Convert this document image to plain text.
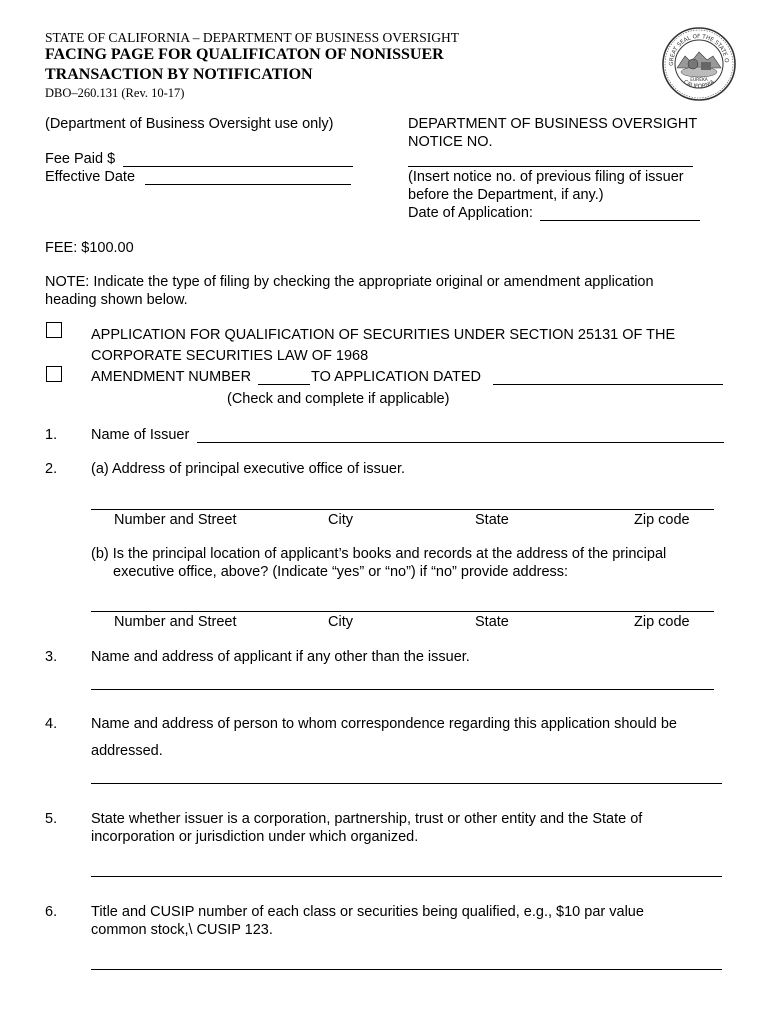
STATE OF CALIFORNIA – DEPARTMENT OF BUSINESS OVERSIGHT
FACING PAGE FOR QUALIFICATON OF NONISSUER
TRANSACTION BY NOTIFICATION
DBO–260.131 (Rev. 10-17)
GREAT SEAL OF THE STATE O
CALIFORNIA
EUREKA
(Department of Business Oversight use only)
Fee Paid $
Effective Date
DEPARTMENT OF BUSINESS OVERSIGHT
NOTICE NO.
(Insert notice no. of previous filing of issuer
before the Department, if any.)
Date of Application:
FEE: $100.00
NOTE: Indicate the type of filing by checking the appropriate original or amendment application
heading shown below.
APPLICATION FOR QUALIFICATION OF SECURITIES UNDER SECTION 25131 OF THE
CORPORATE SECURITIES LAW OF 1968
AMENDMENT NUMBER	TO APPLICATION DATED
(Check and complete if applicable)
1. Name of Issuer
2. (a) Address of principal executive office of issuer.
Number and Street	City	State	Zip code
(b) Is the principal location of applicant’s books and records at the address of the principal
executive office, above? (Indicate “yes” or “no”) if “no” provide address:
Number and Street	City	State	Zip code
3. Name and address of applicant if any other than the issuer.
4. Name and address of person to whom correspondence regarding this application should be
addressed.
5. State whether issuer is a corporation, partnership, trust or other entity and the State of
incorporation or jurisdiction under which organized.
6. Title and CUSIP number of each class or securities being qualified, e.g., $10 par value
common stock,\ CUSIP 123.
